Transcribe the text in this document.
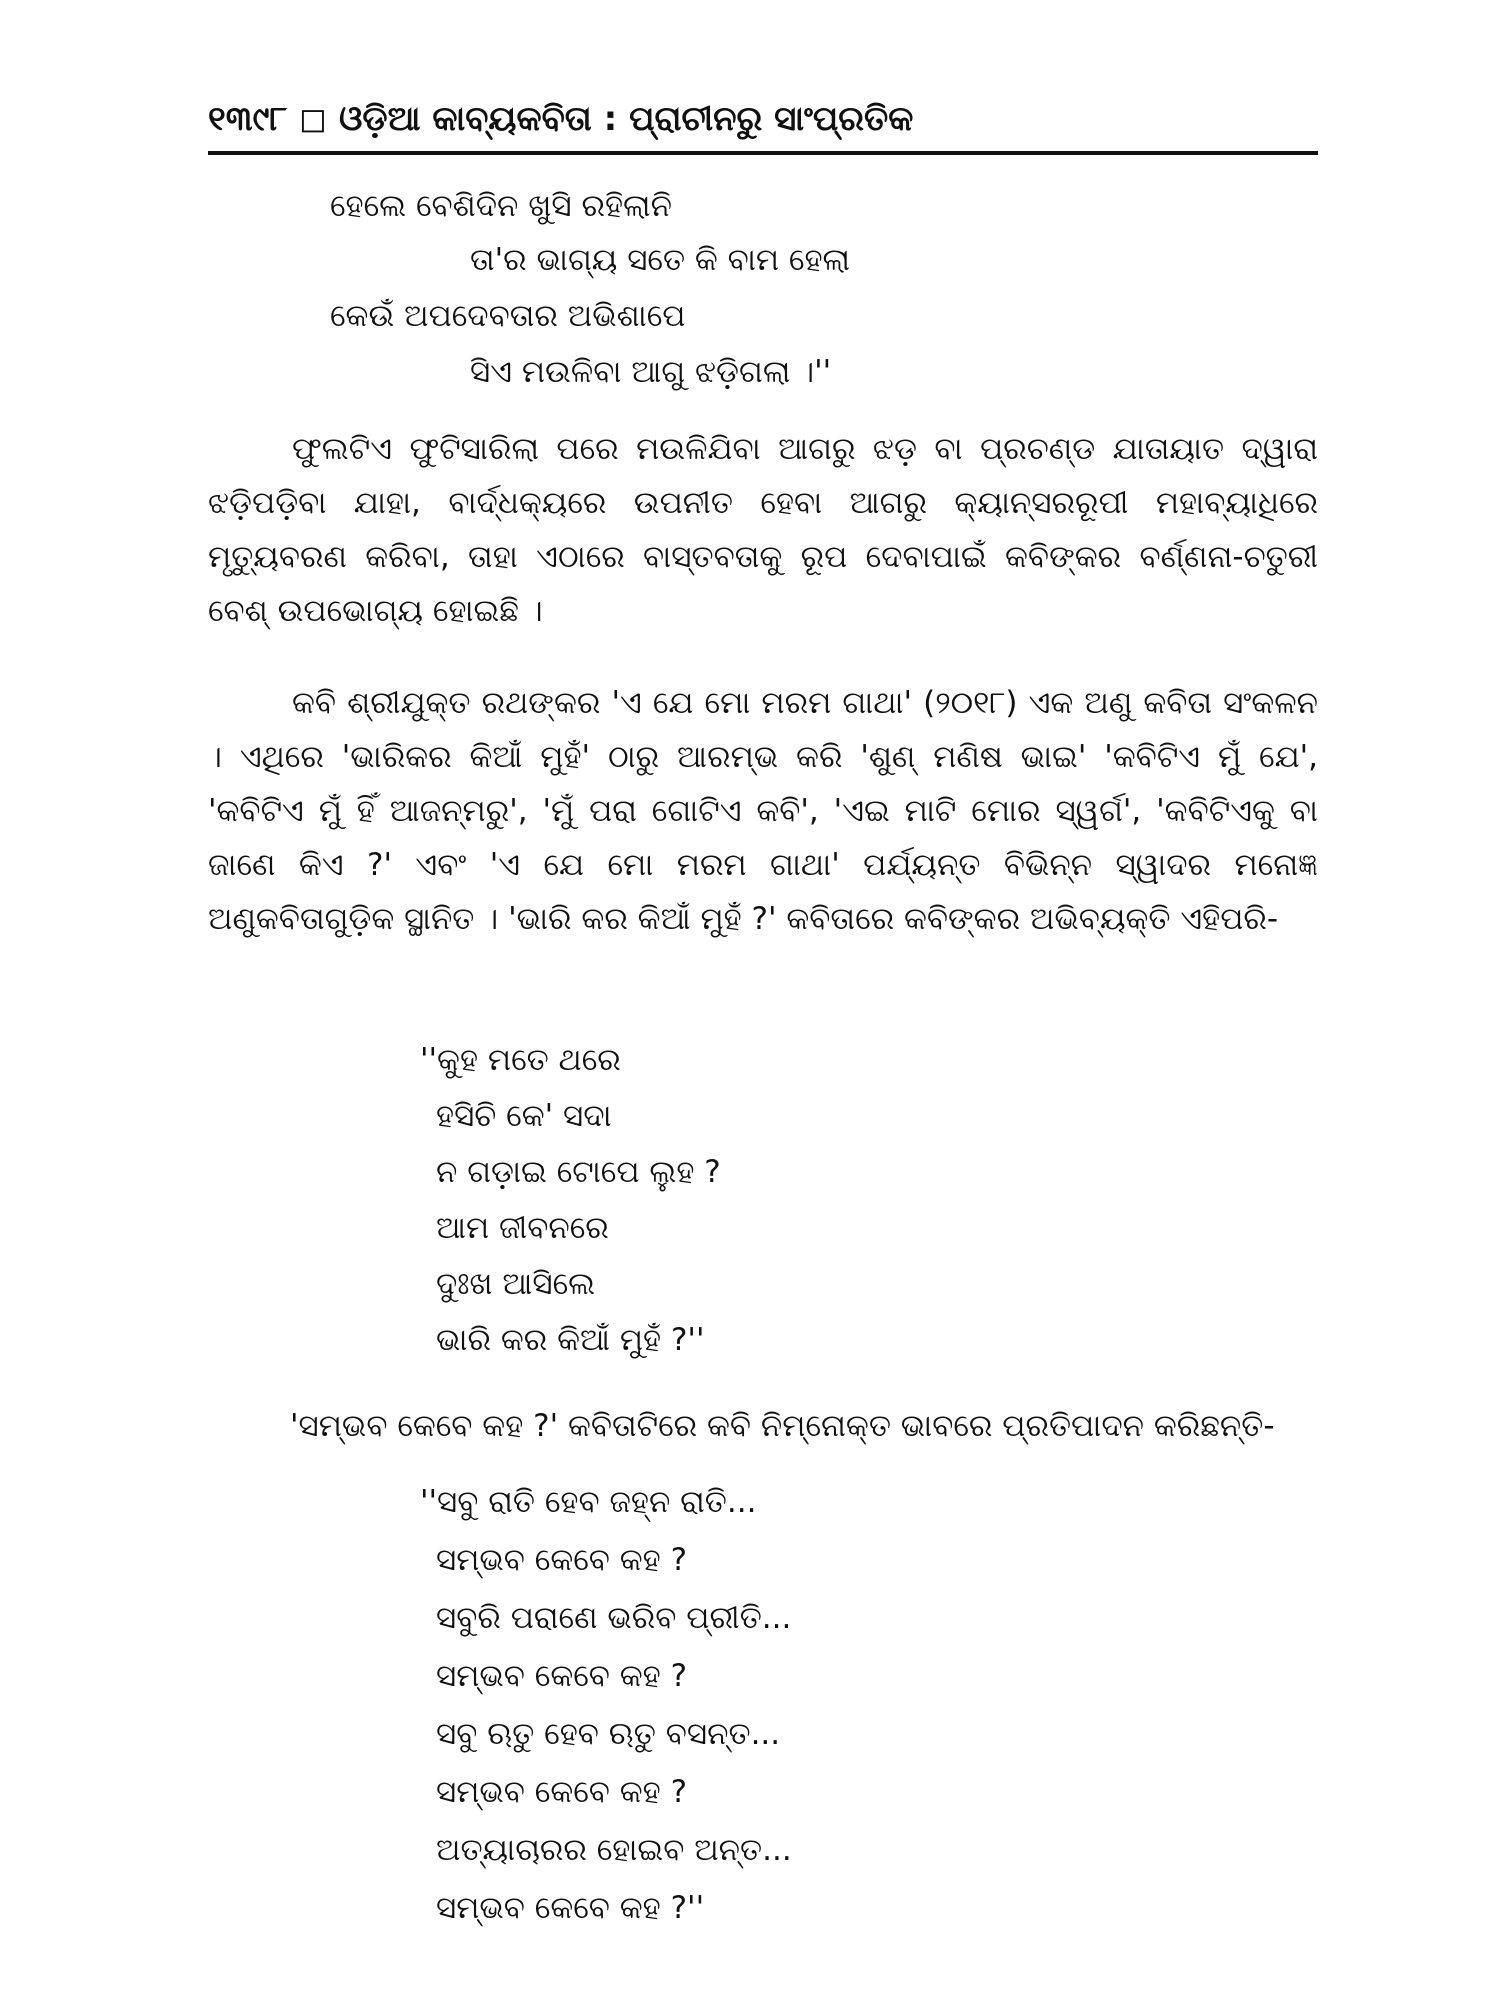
୧୩୯୮ ◻ ଓଡ଼ିଆ କାବ୍ୟକବିତା : ପ୍ରାଚୀନରୁ ସାଂପ୍ରତିକ
ହେଲେ ବେଶିଦିନ ଖୁସି ରହିଲାନି
ତା'ର ଭାଗ୍ୟ ସତେ କି ବାମ ହେଲା
କେଉଁ ଅପଦେବତାର ଅଭିଶାପେ
ସିଏ ମଉଳିବା ଆଗୁ ଝଡ଼ିଗଲା ।''

ଫୁଲଟିଏ ଫୁଟିସାରିଲା ପରେ ମଉଳିଯିବା ଆଗରୁ ଝଡ଼ ବା ପ୍ରଚଣ୍ଡ ଯାତାୟାତ ଦ୍ୱାରା ଝଡ଼ିପଡ଼ିବା ଯାହା, ବାର୍ଦ୍ଧକ୍ୟରେ ଉପନୀତ ହେବା ଆଗରୁ କ୍ୟାନ୍‌ସରରୂପୀ ମହାବ୍ୟାଧିରେ ମୃତ୍ୟୁବରଣ କରିବା, ତାହା ଏଠାରେ ବାସ୍ତବତାକୁ ରୂପ ଦେବାପାଇଁ କବିଙ୍କର ବର୍ଣ୍ଣନା-ଚତୁରୀ ବେଶ୍ ଉପଭୋଗ୍ୟ ହୋଇଛି ।

କବି ଶ୍ରୀଯୁକ୍ତ ରଥଙ୍କର 'ଏ ଯେ ମୋ ମରମ ଗାଥା' (୨୦୧୮) ଏକ ଅଣୁ କବିତା ସଂକଳନ । ଏଥିରେ 'ଭାରିକର କିଆଁ ମୁହଁ' ଠାରୁ ଆରମ୍ଭ କରି 'ଶୁଣ୍ ମଣିଷ ଭାଇ' 'କବିଟିଏ ମୁଁ ଯେ', 'କବିଟିଏ ମୁଁ ହିଁ ଆଜନ୍ମରୁ', 'ମୁଁ ପରା ଗୋଟିଏ କବି', 'ଏଇ ମାଟି ମୋର ସ୍ୱର୍ଗ', 'କବିଟିଏକୁ ବା ଜାଣେ କିଏ ?' ଏବଂ 'ଏ ଯେ ମୋ ମରମ ଗାଥା' ପର୍ଯ୍ୟନ୍ତ ବିଭିନ୍ନ ସ୍ୱାଦର ମନୋଜ୍ଞ ଅଣୁକବିତାଗୁଡ଼ିକ ସ୍ଥାନିତ । 'ଭାରି କର କିଆଁ ମୁହଁ ?' କବିତାରେ କବିଙ୍କର ଅଭିବ୍ୟକ୍ତି ଏହିପରି-

''କୁହ ମତେ ଥରେ
ହସିଚି କେ' ସଦା
ନ ଗଡ଼ାଇ ଟୋପେ ଲୁହ ?
ଆମ ଜୀବନରେ
ଦୁଃଖ ଆସିଲେ
ଭାରି କର କିଆଁ ମୁହଁ ?''
'ସମ୍ଭବ କେବେ କହ ?' କବିତାଟିରେ କବି ନିମ୍ନୋକ୍ତ ଭାବରେ ପ୍ରତିପାଦନ କରିଛନ୍ତି-
''ସବୁ ରାତି ହେବ ଜହ୍ନ ରାତି...
ସମ୍ଭବ କେବେ କହ ?
ସବୁରି ପରାଣେ ଭରିବ ପ୍ରୀତି...
ସମ୍ଭବ କେବେ କହ ?
ସବୁ ଋତୁ ହେବ ଋତୁ ବସନ୍ତ...
ସମ୍ଭବ କେବେ କହ ?
ଅତ୍ୟାଚାରର ହୋଇବ ଅନ୍ତ...
ସମ୍ଭବ କେବେ କହ ?''
